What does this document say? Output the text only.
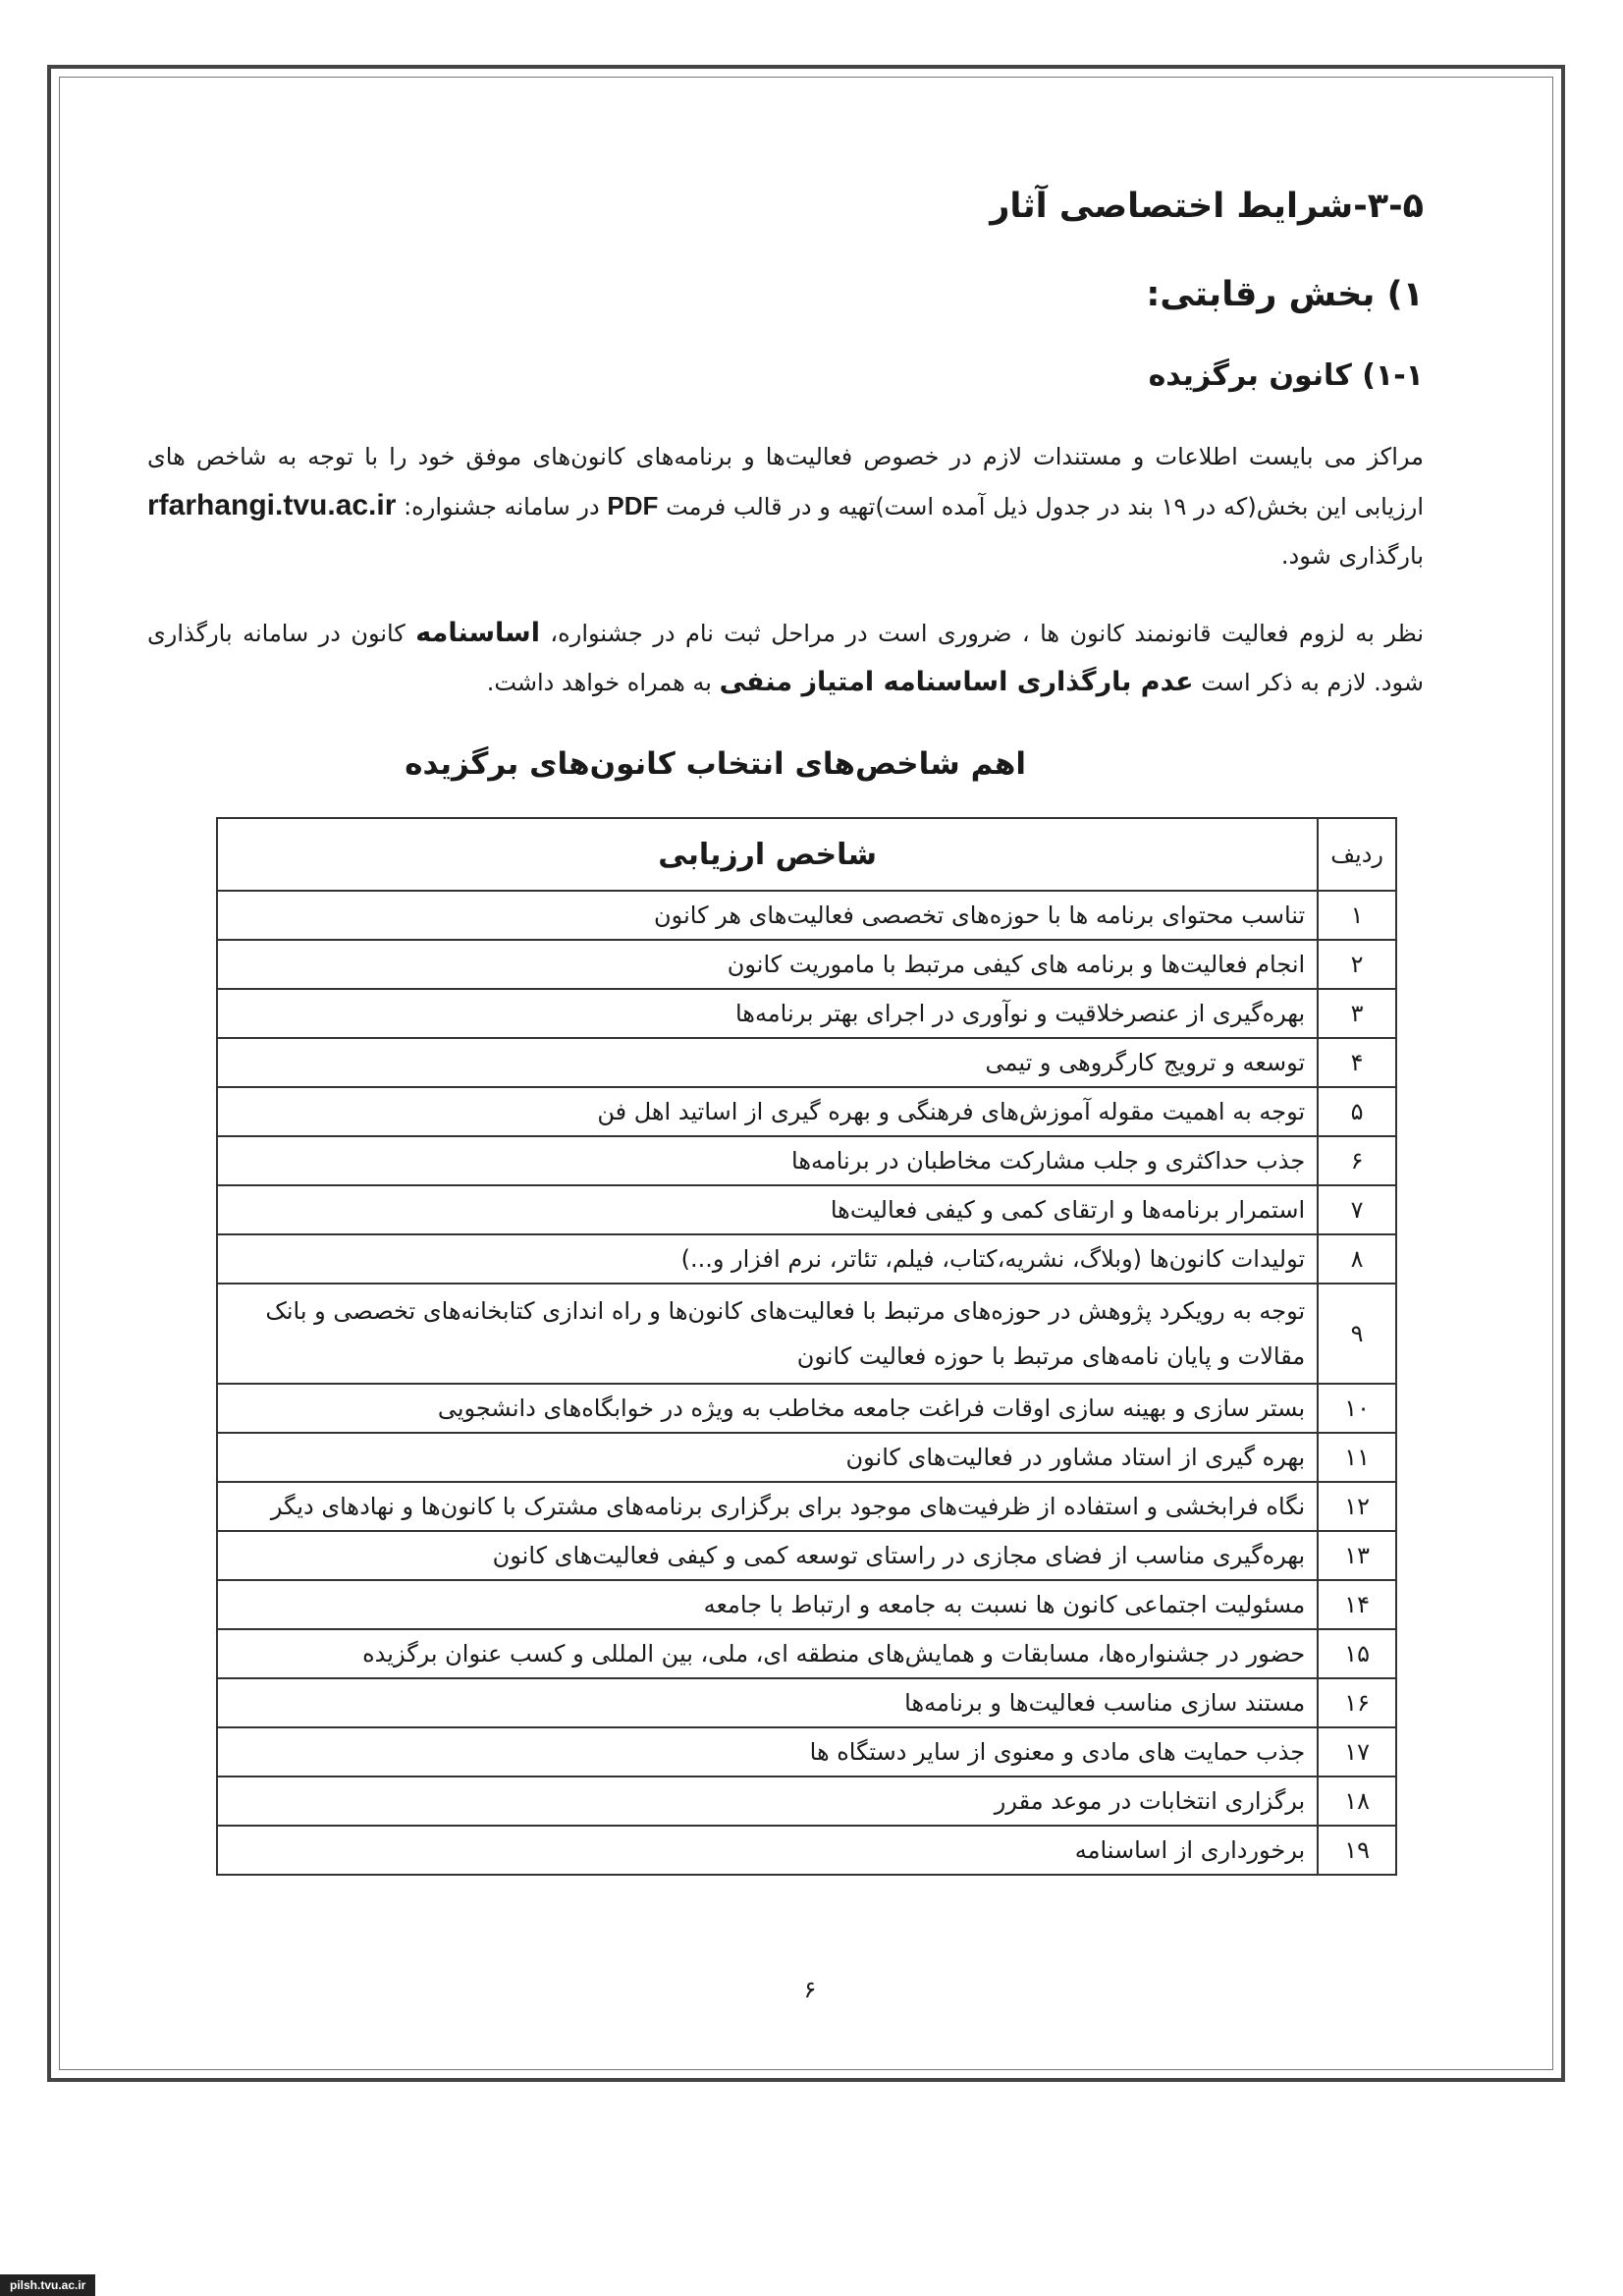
۳-۵-شرایط اختصاصی آثار
۱) بخش رقابتی:
۱-۱) کانون برگزیده

مراکز می بایست اطلاعات و مستندات لازم در خصوص فعالیت‌ها و برنامه‌های کانون‌های موفق خود را با توجه به شاخص های ارزیابی این بخش(که در ۱۹ بند در جدول ذیل آمده است)تهیه و در قالب فرمت PDF در سامانه جشنواره: rfarhangi.tvu.ac.ir بارگذاری شود.

نظر به لزوم فعالیت قانونمند کانون ها ، ضروری است در مراحل ثبت نام در جشنواره، اساسنامه کانون در سامانه بارگذاری شود. لازم به ذکر است عدم بارگذاری اساسنامه امتیاز منفی به همراه خواهد داشت.

اهم شاخص‌های انتخاب کانون‌های برگزیده
ردیف	شاخص ارزیابی
۱	تناسب محتوای برنامه ها با حوزه‌های تخصصی فعالیت‌های هر کانون
۲	انجام فعالیت‌ها و برنامه های کیفی مرتبط با ماموریت کانون
۳	بهره‌گیری از عنصرخلاقیت و نوآوری در اجرای بهتر برنامه‌ها
۴	توسعه و ترویج کارگروهی و تیمی
۵	توجه به اهمیت مقوله آموزش‌های فرهنگی و بهره گیری از اساتید اهل فن
۶	جذب حداکثری و جلب مشارکت مخاطبان در برنامه‌ها
۷	استمرار برنامه‌ها و ارتقای کمی و کیفی فعالیت‌ها
۸	تولیدات کانون‌ها (وبلاگ، نشریه،کتاب، فیلم، تئاتر، نرم افزار و...)
۹	توجه به رویکرد پژوهش در حوزه‌های مرتبط با فعالیت‌های کانون‌ها و راه اندازی کتابخانه‌های تخصصی و بانک مقالات و پایان نامه‌های مرتبط با حوزه فعالیت کانون
۱۰	بستر سازی و بهینه سازی اوقات فراغت جامعه مخاطب به ویژه در خوابگاه‌های دانشجویی
۱۱	بهره گیری از استاد مشاور در فعالیت‌های کانون
۱۲	نگاه فرابخشی و استفاده از ظرفیت‌های موجود برای برگزاری برنامه‌های مشترک با کانون‌ها و نهادهای دیگر
۱۳	بهره‌گیری مناسب از فضای مجازی در راستای توسعه کمی و کیفی فعالیت‌های کانون
۱۴	مسئولیت اجتماعی کانون ها نسبت به جامعه و ارتباط با جامعه
۱۵	حضور در جشنواره‌ها، مسابقات و همایش‌های منطقه ای، ملی، بین المللی و کسب عنوان برگزیده
۱۶	مستند سازی مناسب فعالیت‌ها و برنامه‌ها
۱۷	جذب حمایت های مادی و معنوی از سایر دستگاه ها
۱۸	برگزاری انتخابات در موعد مقرر
۱۹	برخورداری از اساسنامه
۶
pilsh.tvu.ac.ir
